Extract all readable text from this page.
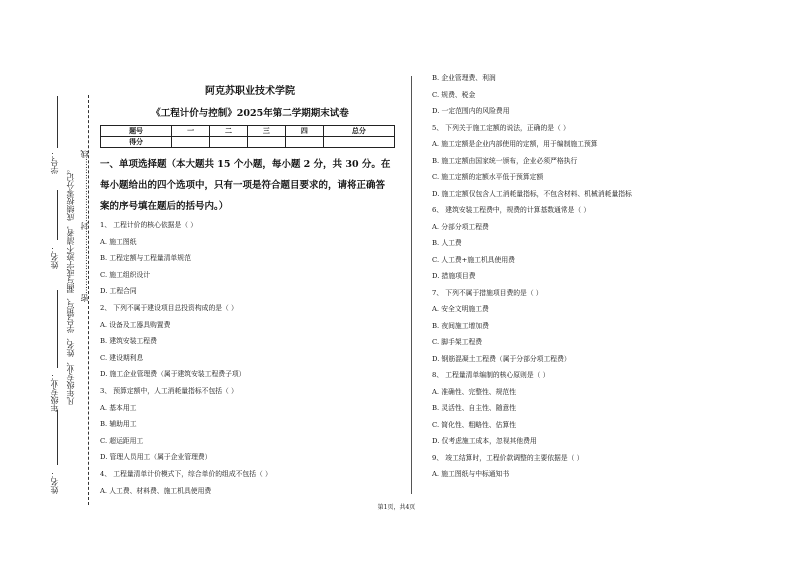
学号：
姓名：
年级专业：
姓名：
凡年级专业、姓名、学号错写、漏写或字迹不清者，成绩按零分记。 密……………………封……………………线
阿克苏职业技术学院
《工程计价与控制》2025年第二学期期末试卷
题号	一	二	三	四	总分
得分					
一、单项选择题（本大题共 15 个小题，每小题 2 分，共 30 分。在
每小题给出的四个选项中，只有一项是符合题目要求的，请将正确答
案的序号填在题后的括号内。）
1、 工程计价的核心依据是（ ）
A. 施工图纸
B. 工程定额与工程量清单规范
C. 施工组织设计
D. 工程合同
2、 下列不属于建设项目总投资构成的是（ ）
A. 设备及工器具购置费
B. 建筑安装工程费
C. 建设期利息
D. 施工企业管理费（属于建筑安装工程费子项）
3、 预算定额中，人工消耗量指标不包括（ ）
A. 基本用工
B. 辅助用工
C. 超运距用工
D. 管理人员用工（属于企业管理费）
4、 工程量清单计价模式下，综合单价的组成不包括（ ）
A. 人工费、材料费、施工机具使用费
B. 企业管理费、利润
C. 规费、税金
D. 一定范围内的风险费用
5、 下列关于施工定额的说法，正确的是（ ）
A. 施工定额是企业内部使用的定额，用于编制施工预算
B. 施工定额由国家统一颁布，企业必须严格执行
C. 施工定额的定额水平低于预算定额
D. 施工定额仅包含人工消耗量指标，不包含材料、机械消耗量指标
6、 建筑安装工程费中，规费的计算基数通常是（ ）
A. 分部分项工程费
B. 人工费
C. 人工费+施工机具使用费
D. 措施项目费
7、 下列不属于措施项目费的是（ ）
A. 安全文明施工费
B. 夜间施工增加费
C. 脚手架工程费
D. 钢筋混凝土工程费（属于分部分项工程费）
8、 工程量清单编制的核心原则是（ ）
A. 准确性、完整性、规范性
B. 灵活性、自主性、随意性
C. 简化性、粗略性、估算性
D. 仅考虑施工成本，忽视其他费用
9、 竣工结算时，工程价款调整的主要依据是（ ）
A. 施工图纸与中标通知书
第1页，共4页
